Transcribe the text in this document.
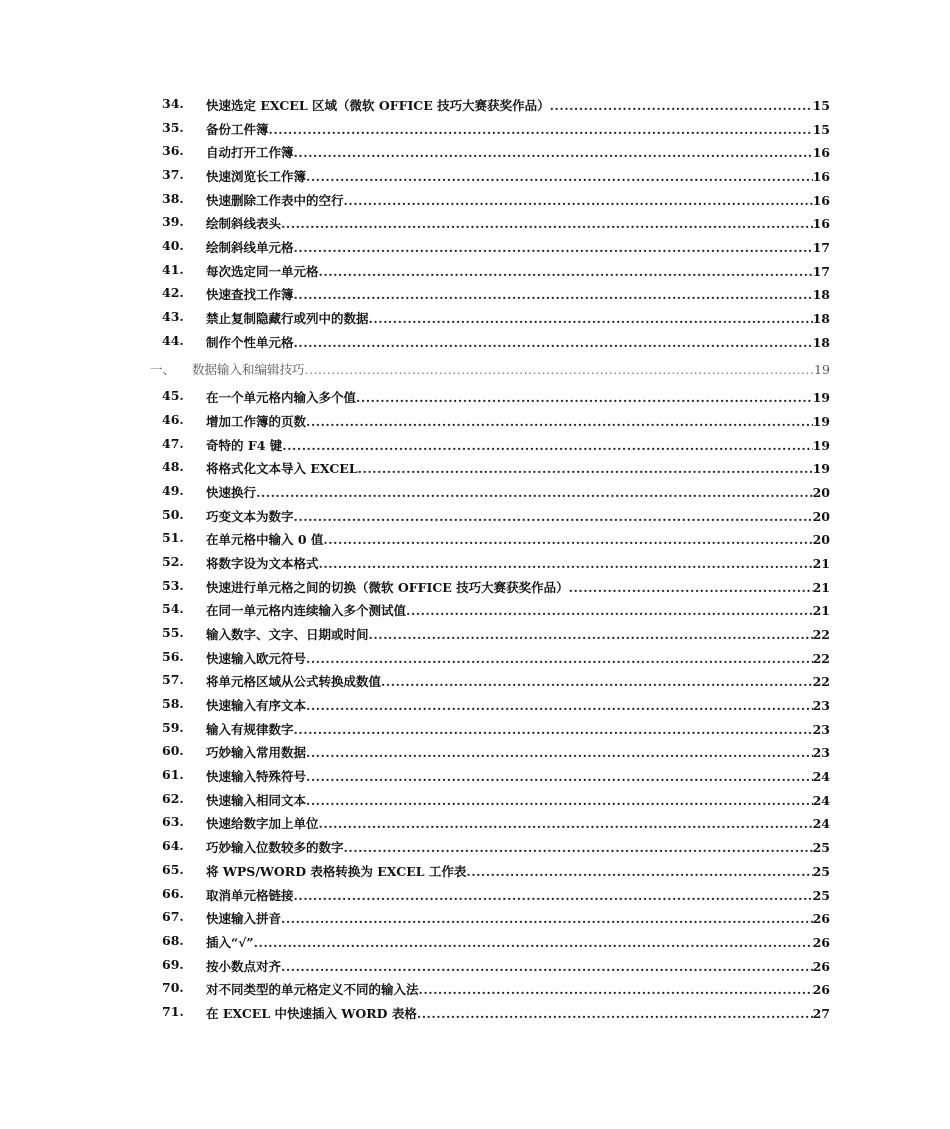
34. 快速选定 EXCEL 区域（微软 OFFICE 技巧大赛获奖作品） .....	15
35. 备份工件簿 .....	15
36. 自动打开工作簿 .....	16
37. 快速浏览长工作簿 .....	16
38. 快速删除工作表中的空行 .....	16
39. 绘制斜线表头 .....	16
40. 绘制斜线单元格 .....	17
41. 每次选定同一单元格 .....	17
42. 快速查找工作簿 .....	18
43. 禁止复制隐藏行或列中的数据 .....	18
44. 制作个性单元格 .....	18
一、 数据输入和编辑技巧 .....	19
45. 在一个单元格内输入多个值 .....	19
46. 增加工作簿的页数 .....	19
47. 奇特的 F4 键 .....	19
48. 将格式化文本导入 EXCEL .....	19
49. 快速换行 .....	20
50. 巧变文本为数字 .....	20
51. 在单元格中输入 0 值 .....	20
52. 将数字设为文本格式 .....	21
53. 快速进行单元格之间的切换（微软 OFFICE 技巧大赛获奖作品） .....	21
54. 在同一单元格内连续输入多个测试值 .....	21
55. 输入数字、文字、日期或时间 .....	22
56. 快速输入欧元符号 .....	22
57. 将单元格区域从公式转换成数值 .....	22
58. 快速输入有序文本 .....	23
59. 输入有规律数字 .....	23
60. 巧妙输入常用数据 .....	23
61. 快速输入特殊符号 .....	24
62. 快速输入相同文本 .....	24
63. 快速给数字加上单位 .....	24
64. 巧妙输入位数较多的数字 .....	25
65. 将 WPS/WORD 表格转换为 EXCEL 工作表 .....	25
66. 取消单元格链接 .....	25
67. 快速输入拼音 .....	26
68. 插入“√” .....	26
69. 按小数点对齐 .....	26
70. 对不同类型的单元格定义不同的输入法 .....	26
71. 在 EXCEL 中快速插入 WORD 表格 .....	27
